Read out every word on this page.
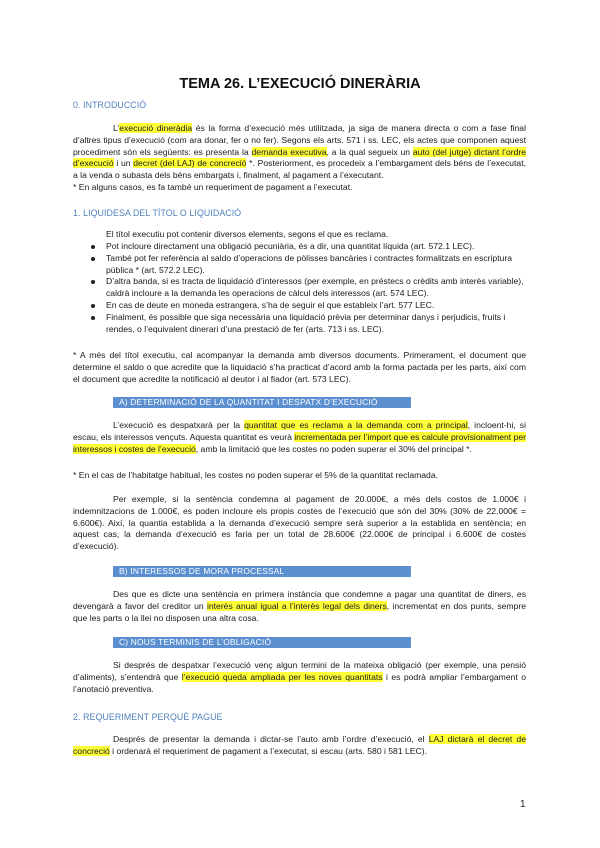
TEMA 26. L’EXECUCIÓ DINERÀRIA
0. INTRODUCCIÓ
L’execució dineràdia és la forma d’execució més utilitzada, ja siga de manera directa o com a fase final d’altres tipus d’execució (com ara donar, fer o no fer). Segons els arts. 571 i ss. LEC, els actes que componen aquest procediment són els següents: es presenta la demanda executiva, a la qual segueix un auto (del jutge) dictant l’ordre d’execució i un decret (del LAJ) de concreció *. Posteriorment, es procedeix a l’embargament dels béns de l’executat, a la venda o subasta dels béns embargats i, finalment, al pagament a l’executant.
* En alguns casos, es fa també un requeriment de pagament a l’executat.
1. LIQUIDESA DEL TÍTOL O LIQUIDACIÓ
El títol executiu pot contenir diversos elements, segons el que es reclama.
Pot incloure directament una obligació pecuniària, és a dir, una quantitat líquida (art. 572.1 LEC).
També pot fer referència al saldo d’operacions de pòlisses bancàries i contractes formalitzats en escriptura pública * (art. 572.2 LEC).
D’altra banda, si es tracta de liquidació d’interessos (per exemple, en préstecs o crèdits amb interès variable), caldrà incloure a la demanda les operacions de càlcul dels interessos (art. 574 LEC).
En cas de deute en moneda estrangera, s’ha de seguir el que estableix l’art. 577 LEC.
Finalment, és possible que siga necessària una liquidació prèvia per determinar danys i perjudicis, fruits i rendes, o l’equivalent dinerari d’una prestació de fer (arts. 713 i ss. LEC).
* A més del títol executiu, cal acompanyar la demanda amb diversos documents. Primerament, el document que determine el saldo o que acredite que la liquidació s’ha practicat d’acord amb la forma pactada per les parts, així com el document que acredite la notificació al deutor i al fiador (art. 573 LEC).
A) DETERMINACIÓ DE LA QUANTITAT I DESPATX D’EXECUCIÓ
L’execució es despatxarà per la quantitat que es reclama a la demanda com a principal, incloent-hi, si escau, els interessos vençuts. Aquesta quantitat es veurà incrementada per l’import que es calcule provisionalment per interessos i costes de l’execució, amb la limitació que les costes no poden superar el 30% del principal *.
* En el cas de l’habitatge habitual, les costes no poden superar el 5% de la quantitat reclamada.
Per exemple, si la sentència condemna al pagament de 20.000€, a més dels costos de 1.000€ i indemnitzacions de 1.000€, es poden incloure els propis costes de l’execució que són del 30% (30% de 22.000€ = 6.600€). Així, la quantia establida a la demanda d’execució sempre serà superior a la establida en sentència; en aquest cas, la demanda d’execució es faria per un total de 28.600€ (22.000€ de principal i 6.600€ de costes d’execució).
B) INTERESSOS DE MORA PROCESSAL
Des que es dicte una sentència en primera instància que condemne a pagar una quantitat de diners, es devengarà a favor del creditor un interès anual igual a l’interès legal dels diners, incrementat en dos punts, sempre que les parts o la llei no disposen una altra cosa.
C) NOUS TERMINIS DE L’OBLIGACIÓ
Si després de despatxar l’execució venç algun termini de la mateixa obligació (per exemple, una pensió d’aliments), s’entendrà que l’execució queda ampliada per les noves quantitats i es podrà ampliar l’embargament o l’anotació preventiva.
2. REQUERIMENT PERQUÈ PAGUE
Després de presentar la demanda i dictar-se l’auto amb l’ordre d’execució, el LAJ dictarà el decret de concreció i ordenarà el requeriment de pagament a l’executat, si escau (arts. 580 i 581 LEC).
1
